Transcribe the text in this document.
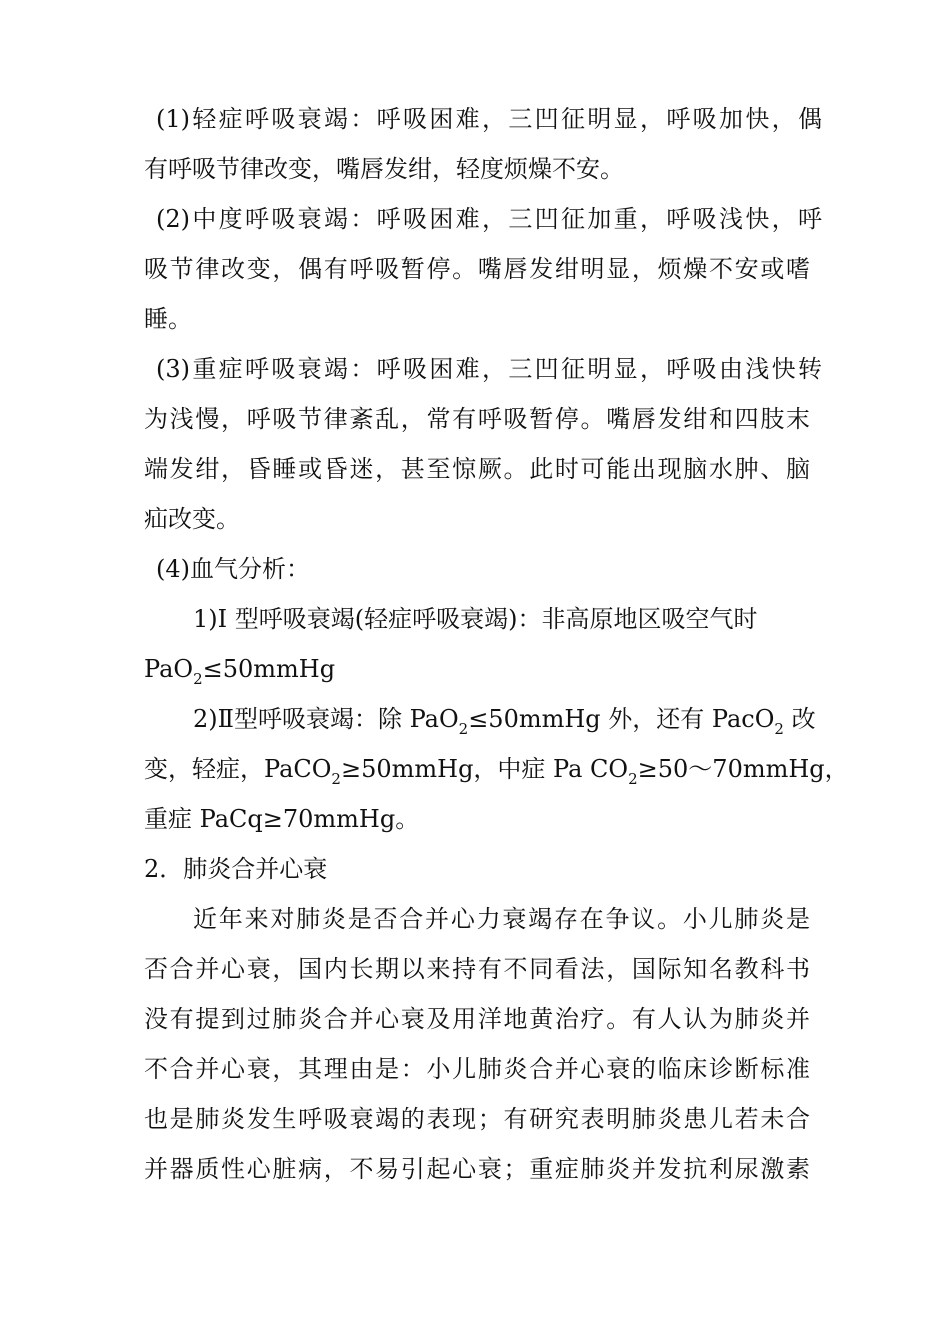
(1)轻症呼吸衰竭：呼吸困难，三凹征明显，呼吸加快，偶
有呼吸节律改变，嘴唇发绀，轻度烦燥不安。
(2)中度呼吸衰竭：呼吸困难，三凹征加重，呼吸浅快，呼
吸节律改变，偶有呼吸暂停。嘴唇发绀明显，烦燥不安或嗜
睡。
(3)重症呼吸衰竭：呼吸困难，三凹征明显，呼吸由浅快转
为浅慢，呼吸节律紊乱，常有呼吸暂停。嘴唇发绀和四肢末
端发绀，昏睡或昏迷，甚至惊厥。此时可能出现脑水肿、脑
疝改变。
(4)血气分析：
1)I 型呼吸衰竭(轻症呼吸衰竭)：非高原地区吸空气时
PaO$_2$≤50mmHg
2)Ⅱ型呼吸衰竭：除 PaO$_2$≤50mmHg 外，还有 PacO$_2$ 改
变，轻症，PaCO$_2$≥50mmHg，中症 Pa $CO_2\ge 50\sim 70mmHg$，
重症 PaCq≥70mmHg。
2．肺炎合并心衰
近年来对肺炎是否合并心力衰竭存在争议。小儿肺炎是
否合并心衰，国内长期以来持有不同看法，国际知名教科书
没有提到过肺炎合并心衰及用洋地黄治疗。有人认为肺炎并
不合并心衰，其理由是：小儿肺炎合并心衰的临床诊断标准
也是肺炎发生呼吸衰竭的表现；有研究表明肺炎患儿若未合
并器质性心脏病，不易引起心衰；重症肺炎并发抗利尿激素
